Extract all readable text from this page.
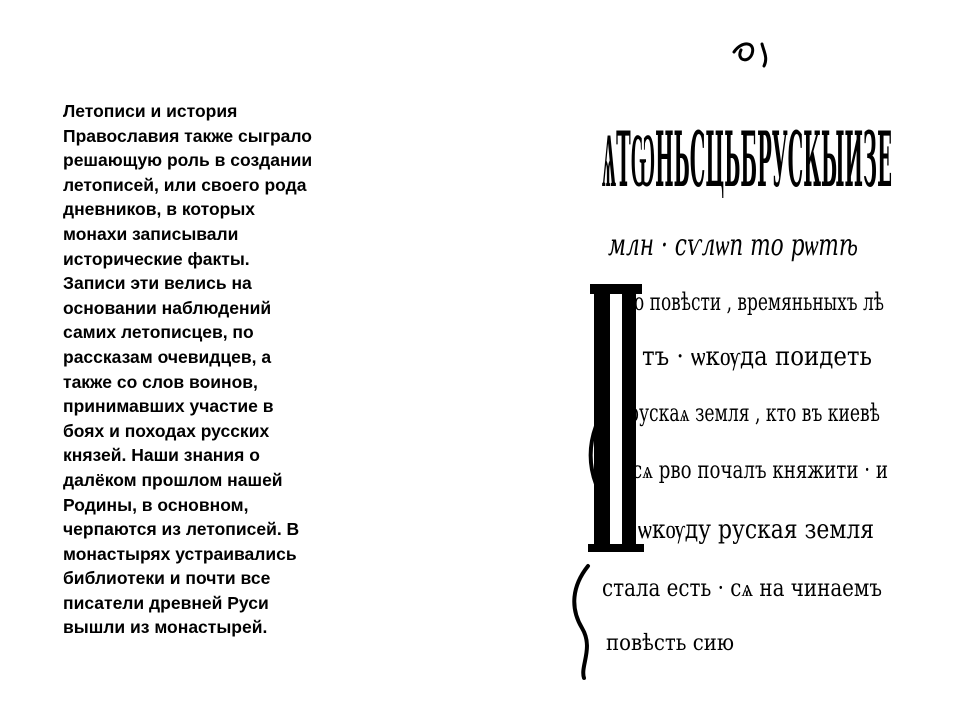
Летописи и история
Православия также сыграло
решающую роль в создании
летописей, или своего рода
дневников, в которых
монахи записывали
исторические факты.
Записи эти велись на
основании наблюдений
самих летописцев, по
рассказам очевидцев, а
также со слов воинов,
принимавших участие в
боях и походах русских
князей. Наши знания о
далёком прошлом нашей
Родины, в основном,
черпаются из летописей. В
монастырях устраивались
библиотеки и почти все
писатели древней Руси
вышли из монастырей.

ѦТѠНЬСЦЬБРУСКЫИЗЕ
млн · сѵлѡп то рѡтѣ
о повѣсти , времяньныхъ лѣ
тъ · ѡкѹда поидеть
рускаѧ земля , кто въ киевѣ
сѧ рво почалъ княжити · и
ѡкѹду руская земля
стала есть · сѧ на чинаемъ
повѣсть сию
